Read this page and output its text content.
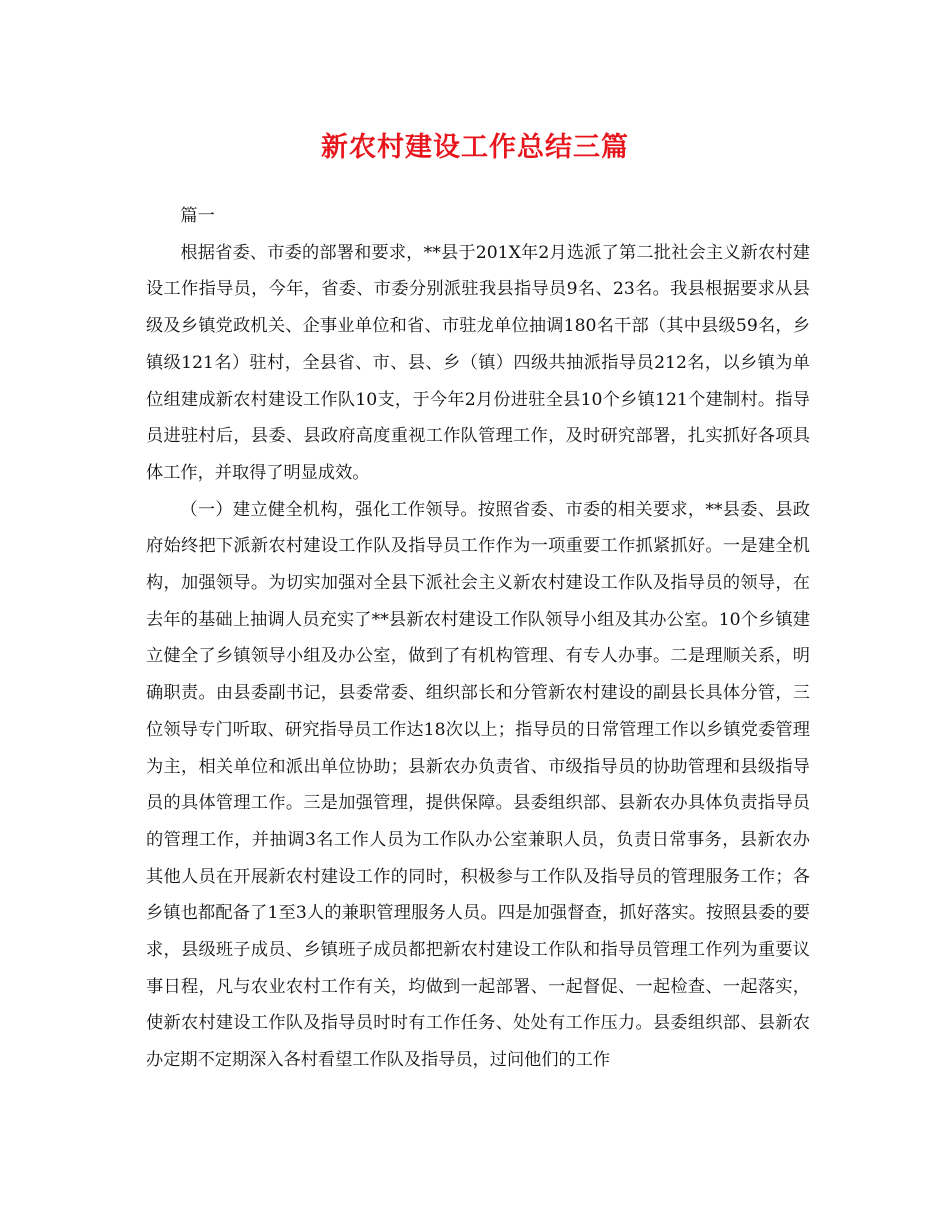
新农村建设工作总结三篇

篇一

根据省委、市委的部署和要求，**县于201X年2月选派了第二批社会主义新农村建设工作指导员，今年，省委、市委分别派驻我县指导员9名、23名。我县根据要求从县级及乡镇党政机关、企事业单位和省、市驻龙单位抽调180名干部（其中县级59名，乡镇级121名）驻村，全县省、市、县、乡（镇）四级共抽派指导员212名，以乡镇为单位组建成新农村建设工作队10支，于今年2月份进驻全县10个乡镇121个建制村。指导员进驻村后，县委、县政府高度重视工作队管理工作，及时研究部署，扎实抓好各项具体工作，并取得了明显成效。

（一）建立健全机构，强化工作领导。按照省委、市委的相关要求，**县委、县政府始终把下派新农村建设工作队及指导员工作作为一项重要工作抓紧抓好。一是建全机构，加强领导。为切实加强对全县下派社会主义新农村建设工作队及指导员的领导，在去年的基础上抽调人员充实了**县新农村建设工作队领导小组及其办公室。10个乡镇建立健全了乡镇领导小组及办公室，做到了有机构管理、有专人办事。二是理顺关系，明确职责。由县委副书记，县委常委、组织部长和分管新农村建设的副县长具体分管，三位领导专门听取、研究指导员工作达18次以上；指导员的日常管理工作以乡镇党委管理为主，相关单位和派出单位协助；县新农办负责省、市级指导员的协助管理和县级指导员的具体管理工作。三是加强管理，提供保障。县委组织部、县新农办具体负责指导员的管理工作，并抽调3名工作人员为工作队办公室兼职人员，负责日常事务，县新农办其他人员在开展新农村建设工作的同时，积极参与工作队及指导员的管理服务工作；各乡镇也都配备了1至3人的兼职管理服务人员。四是加强督查，抓好落实。按照县委的要求，县级班子成员、乡镇班子成员都把新农村建设工作队和指导员管理工作列为重要议事日程，凡与农业农村工作有关，均做到一起部署、一起督促、一起检查、一起落实，使新农村建设工作队及指导员时时有工作任务、处处有工作压力。县委组织部、县新农办定期不定期深入各村看望工作队及指导员，过问他们的工作
